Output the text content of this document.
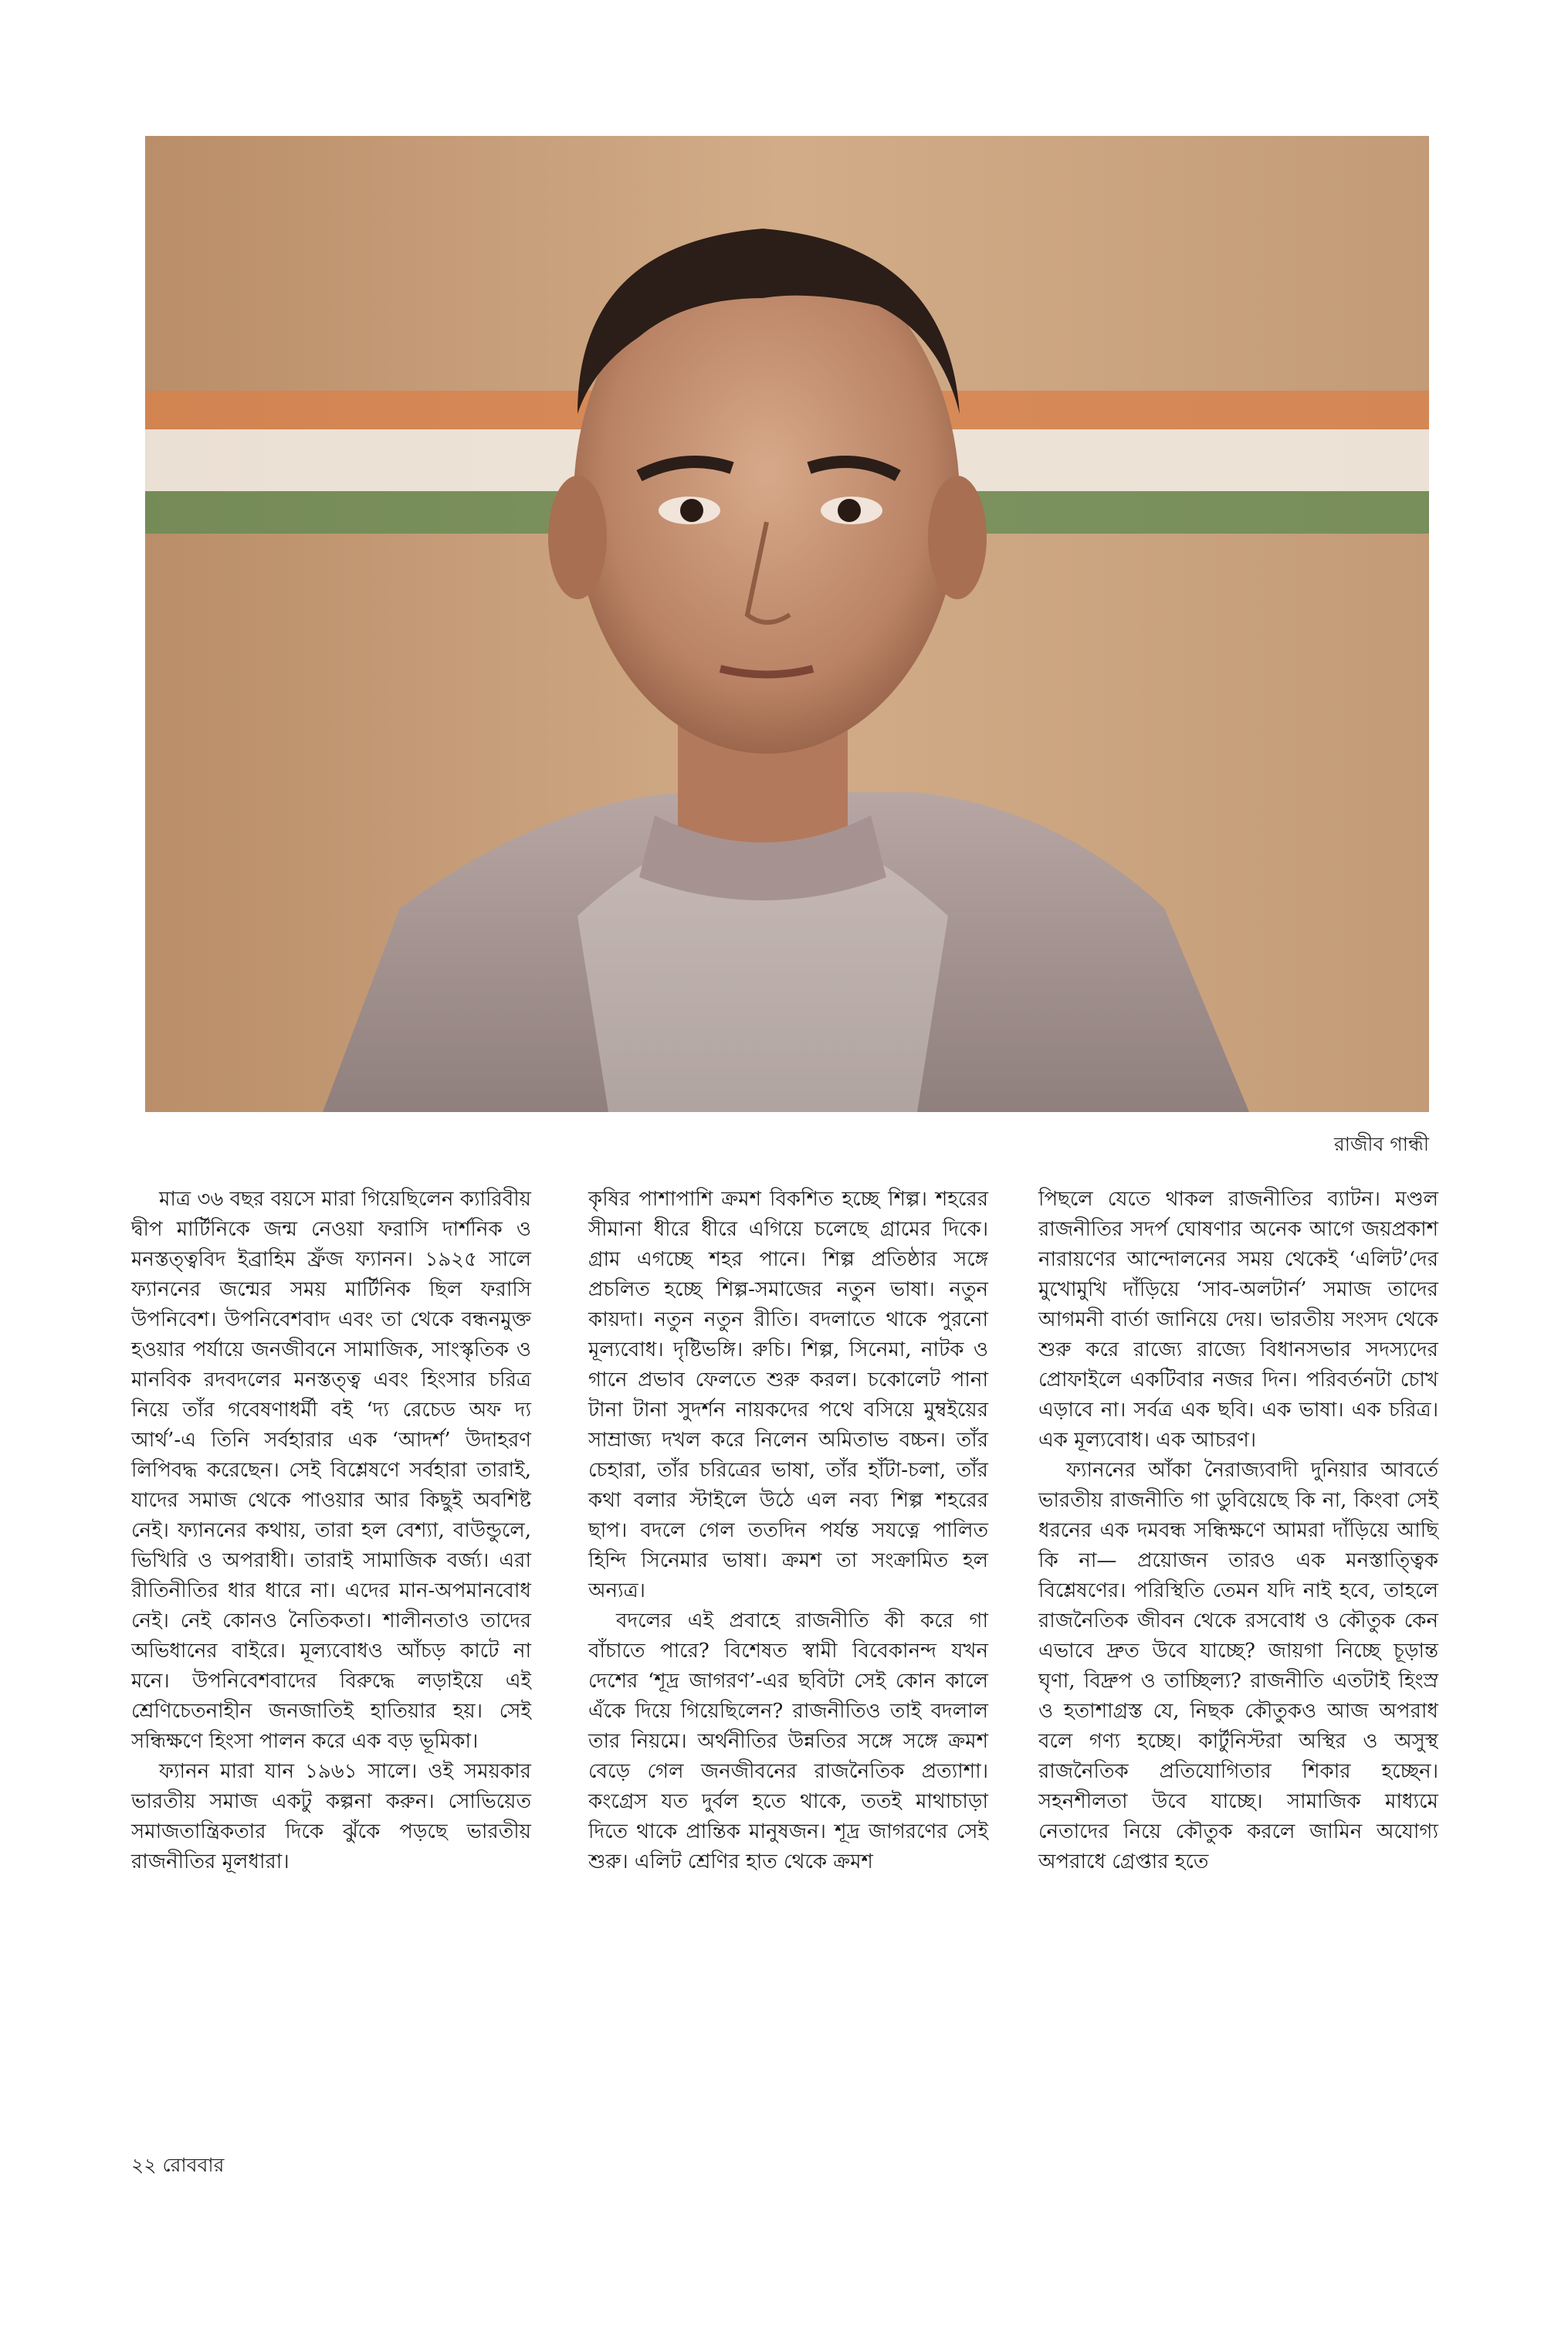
রাজীব গান্ধী

মাত্র ৩৬ বছর বয়সে মারা গিয়েছিলেন ক্যারিবীয় দ্বীপ মার্টিনিকে জন্ম নেওয়া ফরাসি দার্শনিক ও মনস্তত্ত্ববিদ ইব্রাহিম ফ্রঁজ ফ্যানন। ১৯২৫ সালে ফ্যাননের জন্মের সময় মার্টিনিক ছিল ফরাসি উপনিবেশ। উপনিবেশবাদ এবং তা থেকে বন্ধনমুক্ত হওয়ার পর্যায়ে জনজীবনে সামাজিক, সাংস্কৃতিক ও মানবিক রদবদলের মনস্তত্ত্ব এবং হিংসার চরিত্র নিয়ে তাঁর গবেষণাধর্মী বই ‘দ্য রেচেড অফ দ্য আর্থ’-এ তিনি সর্বহারার এক ‘আদর্শ’ উদাহরণ লিপিবদ্ধ করেছেন। সেই বিশ্লেষণে সর্বহারা তারাই, যাদের সমাজ থেকে পাওয়ার আর কিছুই অবশিষ্ট নেই। ফ্যাননের কথায়, তারা হল বেশ্যা, বাউন্ডুলে, ভিখিরি ও অপরাধী। তারাই সামাজিক বর্জ্য। এরা রীতিনীতির ধার ধারে না। এদের মান-অপমানবোধ নেই। নেই কোনও নৈতিকতা। শালীনতাও তাদের অভিধানের বাইরে। মূল্যবোধও আঁচড় কাটে না মনে। উপনিবেশবাদের বিরুদ্ধে লড়াইয়ে এই শ্রেণিচেতনাহীন জনজাতিই হাতিয়ার হয়। সেই সন্ধিক্ষণে হিংসা পালন করে এক বড় ভূমিকা।

ফ্যানন মারা যান ১৯৬১ সালে। ওই সময়কার ভারতীয় সমাজ একটু কল্পনা করুন। সোভিয়েত সমাজতান্ত্রিকতার দিকে ঝুঁকে পড়ছে ভারতীয় রাজনীতির মূলধারা।

কৃষির পাশাপাশি ক্রমশ বিকশিত হচ্ছে শিল্প। শহরের সীমানা ধীরে ধীরে এগিয়ে চলেছে গ্রামের দিকে। গ্রাম এগচ্ছে শহর পানে। শিল্প প্রতিষ্ঠার সঙ্গে প্রচলিত হচ্ছে শিল্প-সমাজের নতুন ভাষা। নতুন কায়দা। নতুন নতুন রীতি। বদলাতে থাকে পুরনো মূল্যবোধ। দৃষ্টিভঙ্গি। রুচি। শিল্প, সিনেমা, নাটক ও গানে প্রভাব ফেলতে শুরু করল। চকোলেট পানা টানা টানা সুদর্শন নায়কদের পথে বসিয়ে মুম্বইয়ের সাম্রাজ্য দখল করে নিলেন অমিতাভ বচ্চন। তাঁর চেহারা, তাঁর চরিত্রের ভাষা, তাঁর হাঁটা-চলা, তাঁর কথা বলার স্টাইলে উঠে এল নব্য শিল্প শহরের ছাপ। বদলে গেল ততদিন পর্যন্ত সযত্নে পালিত হিন্দি সিনেমার ভাষা। ক্রমশ তা সংক্রামিত হল অন্যত্র।

বদলের এই প্রবাহে রাজনীতি কী করে গা বাঁচাতে পারে? বিশেষত স্বামী বিবেকানন্দ যখন দেশের ‘শূদ্র জাগরণ’-এর ছবিটা সেই কোন কালে এঁকে দিয়ে গিয়েছিলেন? রাজনীতিও তাই বদলাল তার নিয়মে। অর্থনীতির উন্নতির সঙ্গে সঙ্গে ক্রমশ বেড়ে গেল জনজীবনের রাজনৈতিক প্রত্যাশা। কংগ্রেস যত দুর্বল হতে থাকে, ততই মাথাচাড়া দিতে থাকে প্রান্তিক মানুষজন। শূদ্র জাগরণের সেই শুরু। এলিট শ্রেণির হাত থেকে ক্রমশ

পিছলে যেতে থাকল রাজনীতির ব্যাটন। মণ্ডল রাজনীতির সদর্প ঘোষণার অনেক আগে জয়প্রকাশ নারায়ণের আন্দোলনের সময় থেকেই ‘এলিট’দের মুখোমুখি দাঁড়িয়ে ‘সাব-অলটার্ন’ সমাজ তাদের আগমনী বার্তা জানিয়ে দেয়। ভারতীয় সংসদ থেকে শুরু করে রাজ্যে রাজ্যে বিধানসভার সদস্যদের প্রোফাইলে একটিবার নজর দিন। পরিবর্তনটা চোখ এড়াবে না। সর্বত্র এক ছবি। এক ভাষা। এক চরিত্র। এক মূল্যবোধ। এক আচরণ।

ফ্যাননের আঁকা নৈরাজ্যবাদী দুনিয়ার আবর্তে ভারতীয় রাজনীতি গা ডুবিয়েছে কি না, কিংবা সেই ধরনের এক দমবন্ধ সন্ধিক্ষণে আমরা দাঁড়িয়ে আছি কি না— প্রয়োজন তারও এক মনস্তাত্ত্বিক বিশ্লেষণের। পরিস্থিতি তেমন যদি নাই হবে, তাহলে রাজনৈতিক জীবন থেকে রসবোধ ও কৌতুক কেন এভাবে দ্রুত উবে যাচ্ছে? জায়গা নিচ্ছে চূড়ান্ত ঘৃণা, বিদ্রুপ ও তাচ্ছিল্য? রাজনীতি এতটাই হিংস্র ও হতাশাগ্রস্ত যে, নিছক কৌতুকও আজ অপরাধ বলে গণ্য হচ্ছে। কার্টুনিস্টরা অস্থির ও অসুস্থ রাজনৈতিক প্রতিযোগিতার শিকার হচ্ছেন। সহনশীলতা উবে যাচ্ছে। সামাজিক মাধ্যমে নেতাদের নিয়ে কৌতুক করলে জামিন অযোগ্য অপরাধে গ্রেপ্তার হতে

২২ রোববার
